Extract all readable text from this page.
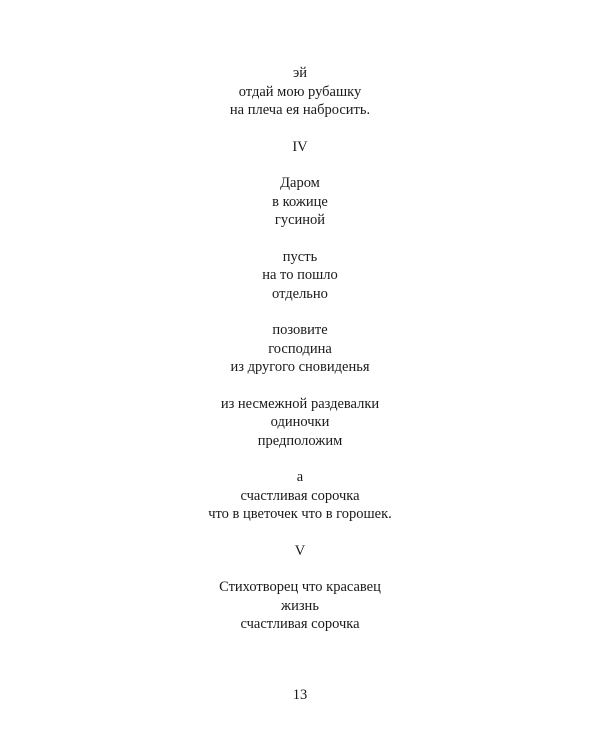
эй
отдай мою рубашку
на плеча ея набросить.
IV
Даром
в кожице
гусиной
пусть
на то пошло
отдельно
позовите
господина
из другого сновиденья
из несмежной раздевалки
одиночки
предположим
а
счастливая сорочка
что в цветочек что в горошек.
V
Стихотворец что красавец
жизнь
счастливая сорочка
13
